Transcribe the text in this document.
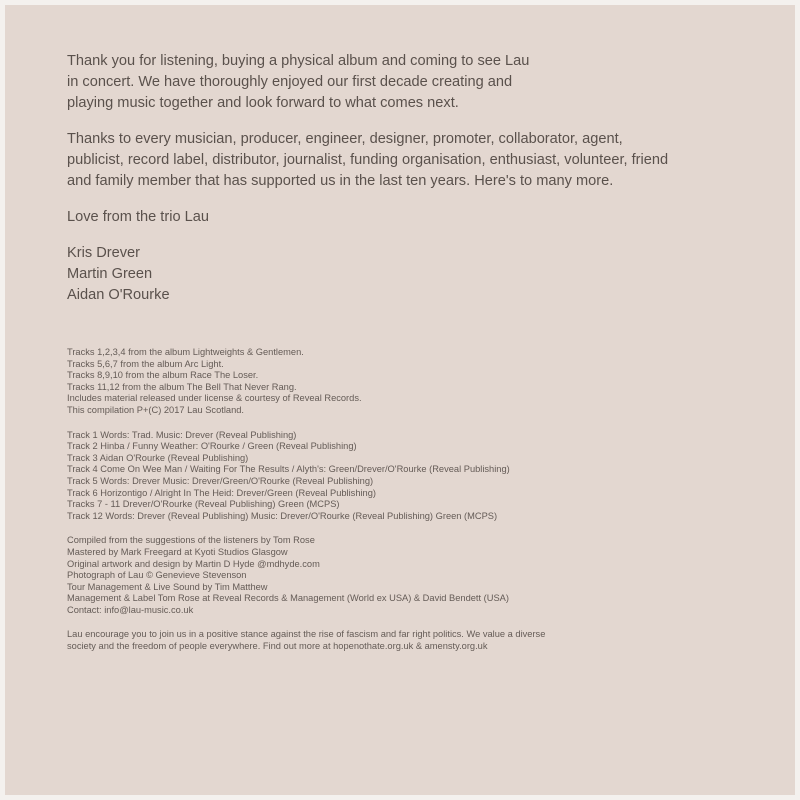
Thank you for listening, buying a physical album and coming to see Lau

in concert. We have thoroughly enjoyed our first decade creating and

playing music together and look forward to what comes next.

Thanks to every musician, producer, engineer, designer, promoter, collaborator, agent,

publicist, record label, distributor, journalist, funding organisation, enthusiast, volunteer, friend

and family member that has supported us in the last ten years. Here's to many more.

Love from the trio Lau

Kris Drever

Martin Green

Aidan O'Rourke

Tracks 1,2,3,4 from the album Lightweights & Gentlemen.

Tracks 5,6,7 from the album Arc Light.

Tracks 8,9,10 from the album Race The Loser.

Tracks 11,12 from the album The Bell That Never Rang.

Includes material released under license & courtesy of Reveal Records.

This compilation P+(C) 2017 Lau Scotland.

Track 1 Words: Trad. Music: Drever (Reveal Publishing)

Track 2 Hinba / Funny Weather: O'Rourke / Green (Reveal Publishing)

Track 3 Aidan O'Rourke (Reveal Publishing)

Track 4 Come On Wee Man / Waiting For The Results / Alyth's: Green/Drever/O'Rourke (Reveal Publishing)

Track 5 Words: Drever Music: Drever/Green/O'Rourke (Reveal Publishing)

Track 6 Horizontigo / Alright In The Heid: Drever/Green (Reveal Publishing)

Tracks 7 - 11 Drever/O'Rourke (Reveal Publishing) Green (MCPS)

Track 12 Words: Drever (Reveal Publishing) Music: Drever/O'Rourke (Reveal Publishing) Green (MCPS)

Compiled from the suggestions of the listeners by Tom Rose

Mastered by Mark Freegard at Kyoti Studios Glasgow

Original artwork and design by Martin D Hyde @mdhyde.com

Photograph of Lau © Genevieve Stevenson

Tour Management & Live Sound by Tim Matthew

Management & Label Tom Rose at Reveal Records & Management (World ex USA) & David Bendett (USA)

Contact: info@lau-music.co.uk

Lau encourage you to join us in a positive stance against the rise of fascism and far right politics. We value a diverse

society and the freedom of people everywhere. Find out more at hopenothate.org.uk & amensty.org.uk
